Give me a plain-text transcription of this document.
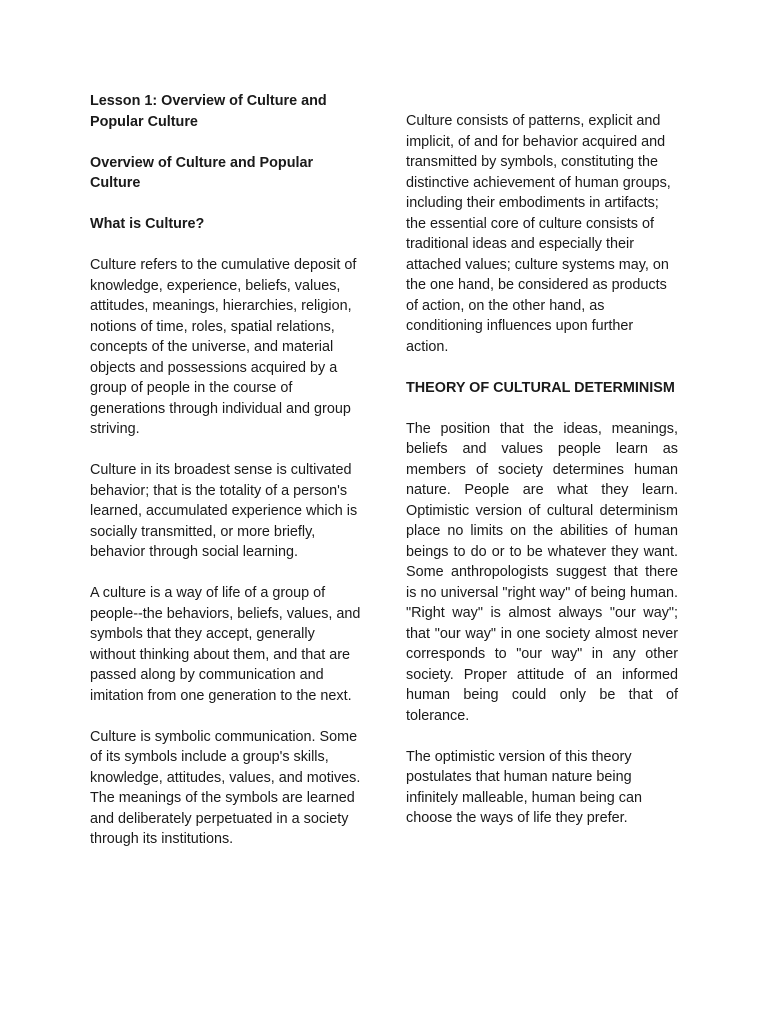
Lesson 1: Overview of Culture and Popular Culture

Overview of Culture and Popular Culture

What is Culture?

Culture refers to the cumulative deposit of knowledge, experience, beliefs, values, attitudes, meanings, hierarchies, religion, notions of time, roles, spatial relations, concepts of the universe, and material objects and possessions acquired by a group of people in the course of generations through individual and group striving.

Culture in its broadest sense is cultivated behavior; that is the totality of a person's learned, accumulated experience which is socially transmitted, or more briefly, behavior through social learning.

A culture is a way of life of a group of people--the behaviors, beliefs, values, and symbols that they accept, generally without thinking about them, and that are passed along by communication and imitation from one generation to the next.

Culture is symbolic communication. Some of its symbols include a group's skills, knowledge, attitudes, values, and motives. The meanings of the symbols are learned and deliberately perpetuated in a society through its institutions.

Culture consists of patterns, explicit and implicit, of and for behavior acquired and transmitted by symbols, constituting the distinctive achievement of human groups, including their embodiments in artifacts; the essential core of culture consists of traditional ideas and especially their attached values; culture systems may, on the one hand, be considered as products of action, on the other hand, as conditioning influences upon further action.

THEORY OF CULTURAL DETERMINISM

The position that the ideas, meanings, beliefs and values people learn as members of society determines human nature. People are what they learn. Optimistic version of cultural determinism place no limits on the abilities of human beings to do or to be whatever they want. Some anthropologists suggest that there is no universal "right way" of being human. "Right way" is almost always "our way"; that "our way" in one society almost never corresponds to "our way" in any other society. Proper attitude of an informed human being could only be that of tolerance.

The optimistic version of this theory postulates that human nature being infinitely malleable, human being can choose the ways of life they prefer.
